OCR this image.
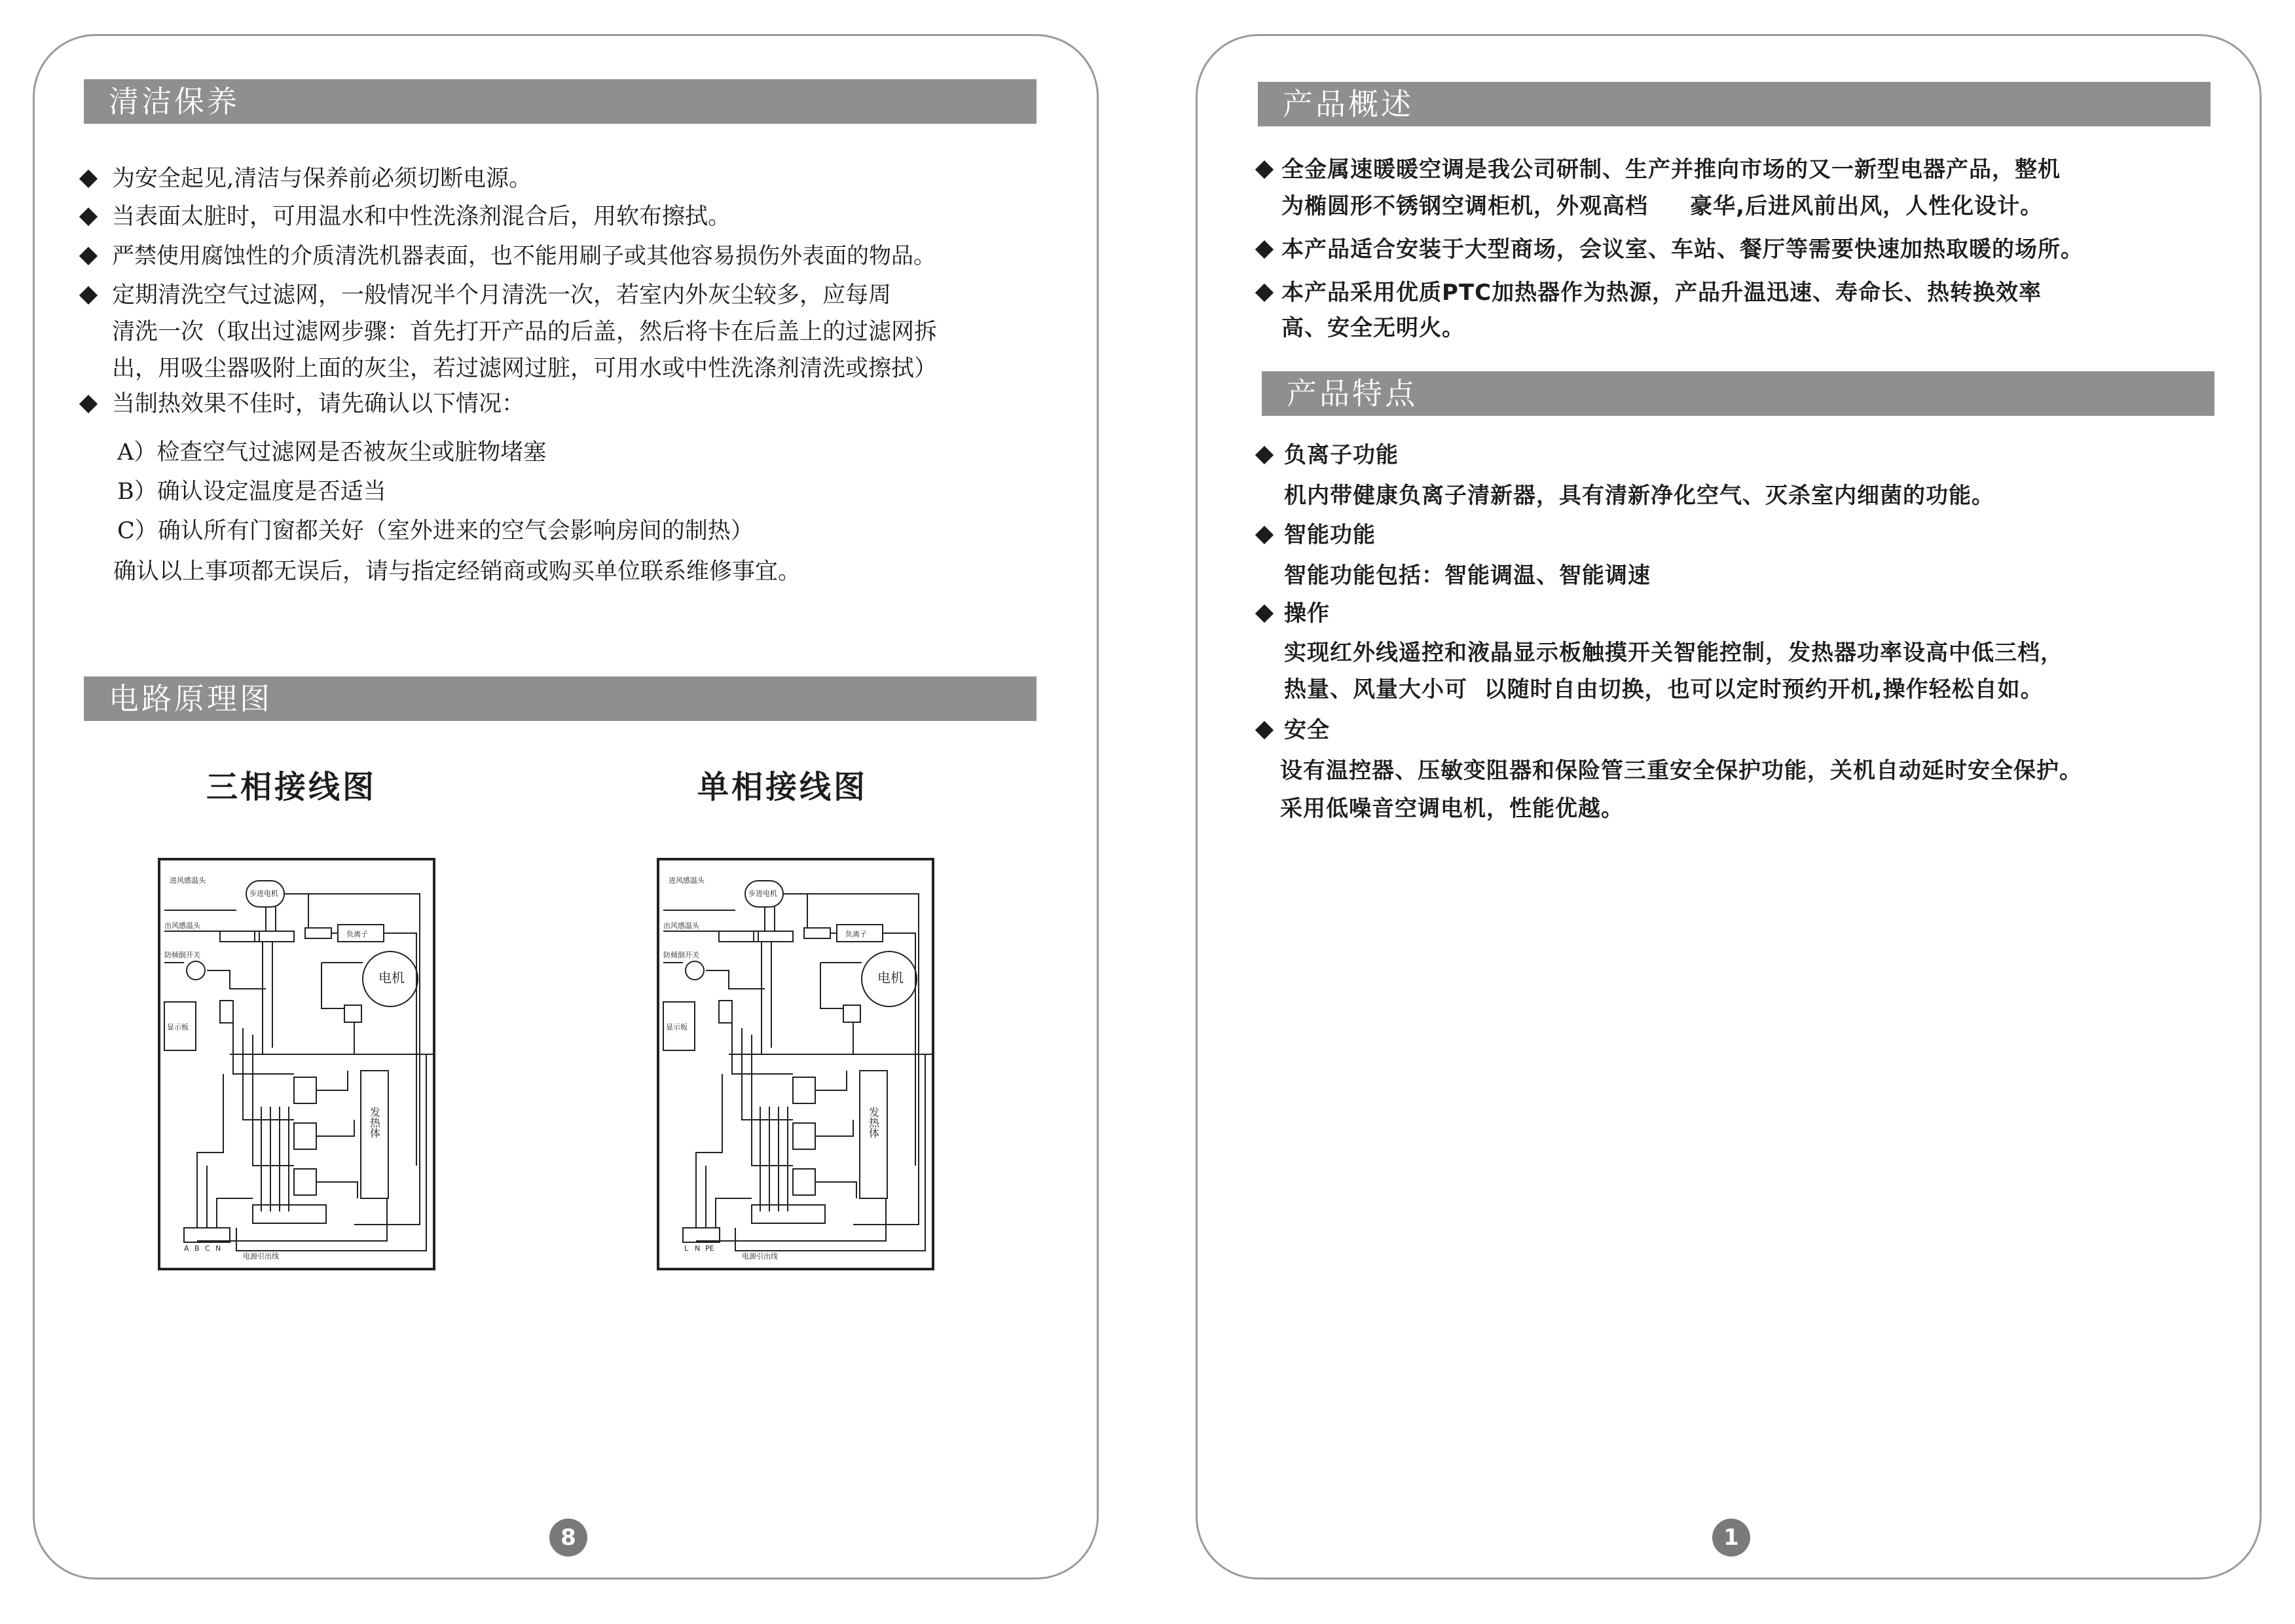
清洁保养
为安全起见,清洁与保养前必须切断电源。
当表面太脏时，可用温水和中性洗涤剂混合后，用软布擦拭。
严禁使用腐蚀性的介质清洗机器表面，也不能用刷子或其他容易损伤外表面的物品。
定期清洗空气过滤网，一般情况半个月清洗一次，若室内外灰尘较多，应每周
清洗一次（取出过滤网步骤：首先打开产品的后盖，然后将卡在后盖上的过滤网拆
出，用吸尘器吸附上面的灰尘，若过滤网过脏，可用水或中性洗涤剂清洗或擦拭）
当制热效果不佳时，请先确认以下情况：
A）检查空气过滤网是否被灰尘或脏物堵塞
B）确认设定温度是否适当
C）确认所有门窗都关好（室外进来的空气会影响房间的制热）
确认以上事项都无误后，请与指定经销商或购买单位联系维修事宜。
电路原理图
三相接线图	单相接线图
进风感温头
步进电机
出风感温头
负离子
防倾倒开关
显示板
电源引出线
A B C N
电机
发热体
进风感温头
步进电机
出风感温头
负离子
防倾倒开关
显示板
电源引出线
L N PE
电机
发热体
8
产品概述
全金属速暖暖空调是我公司研制、生产并推向市场的又一新型电器产品，整机
为椭圆形不锈钢空调柜机，外观高档     豪华,后进风前出风，人性化设计。
本产品适合安装于大型商场，会议室、车站、餐厅等需要快速加热取暖的场所。
本产品采用优质PTC加热器作为热源，产品升温迅速、寿命长、热转换效率
高、安全无明火。
产品特点
负离子功能
机内带健康负离子清新器，具有清新净化空气、灭杀室内细菌的功能。
智能功能
智能功能包括：智能调温、智能调速
操作
实现红外线遥控和液晶显示板触摸开关智能控制，发热器功率设高中低三档，
热量、风量大小可  以随时自由切换，也可以定时预约开机,操作轻松自如。
安全
设有温控器、压敏变阻器和保险管三重安全保护功能，关机自动延时安全保护。
采用低噪音空调电机，性能优越。
1
